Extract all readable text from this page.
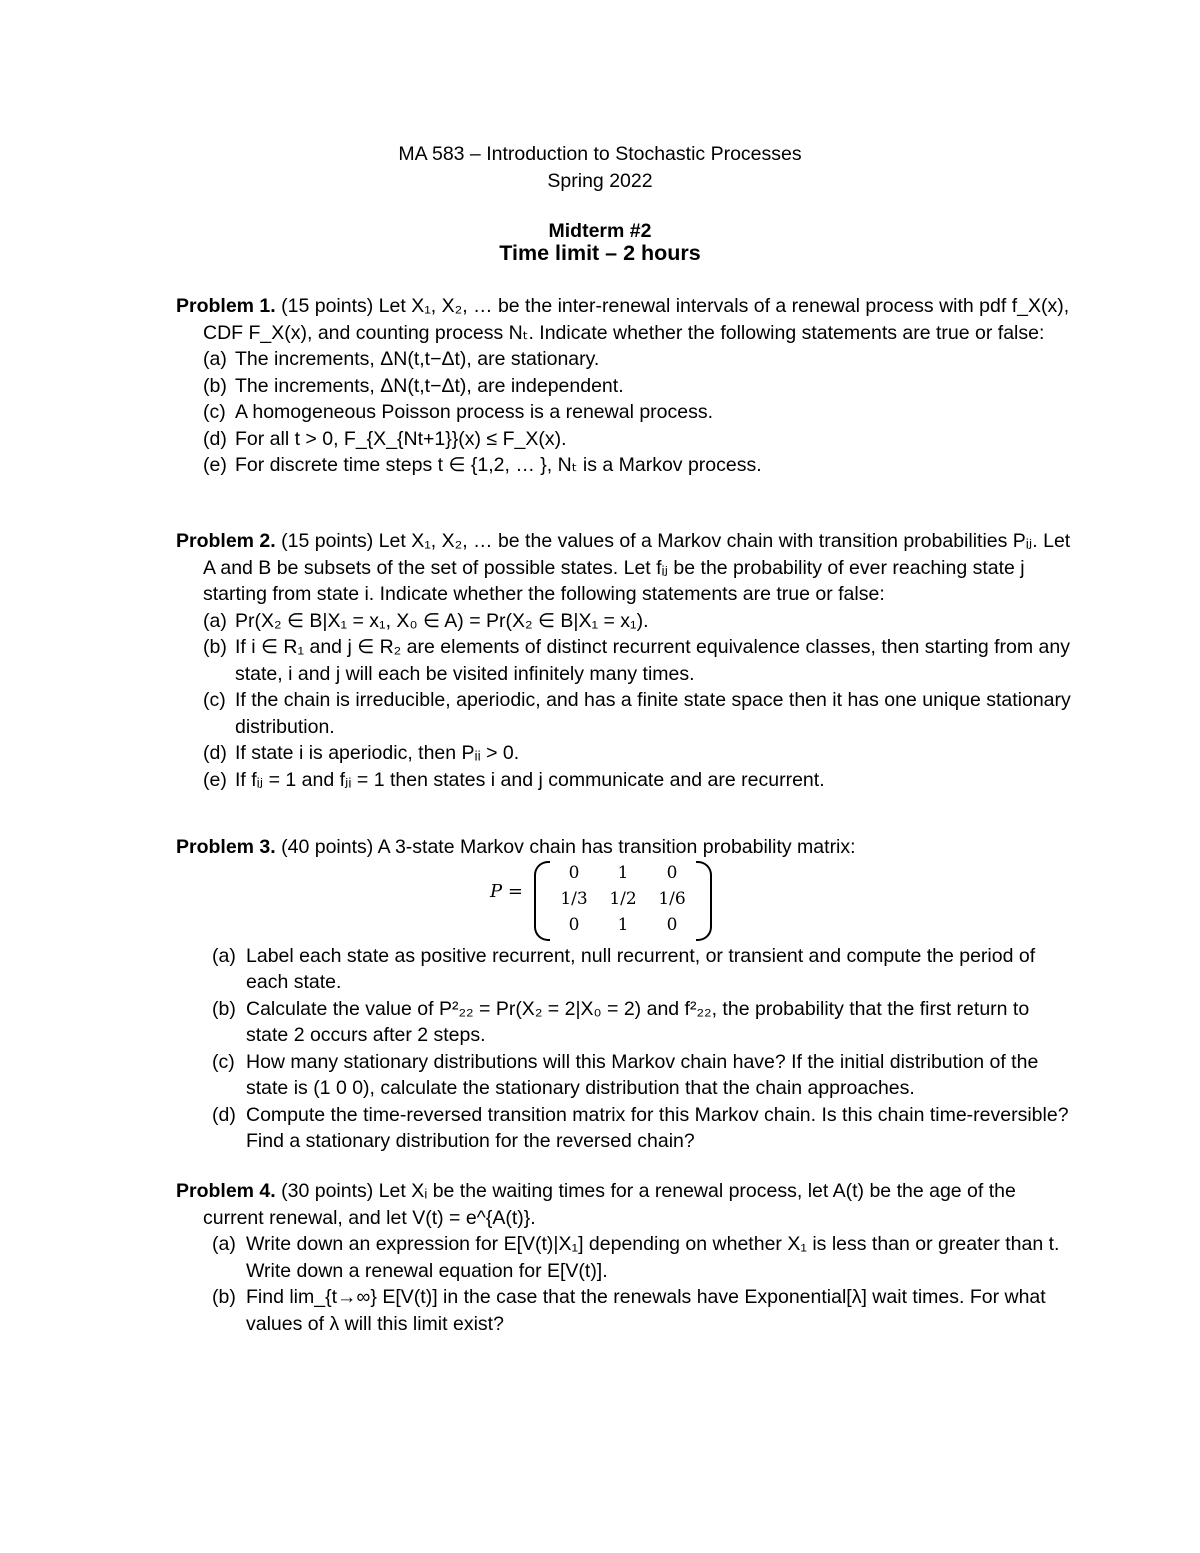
MA 583 – Introduction to Stochastic Processes
Spring 2022
Midterm #2
Time limit – 2 hours

Problem 1. (15 points) Let X₁, X₂, … be the inter-renewal intervals of a renewal process with pdf f_X(x), CDF F_X(x), and counting process Nₜ. Indicate whether the following statements are true or false:

(a) The increments, ΔN(t,t−Δt), are stationary.
(b) The increments, ΔN(t,t−Δt), are independent.
(c) A homogeneous Poisson process is a renewal process.
(d) For all t > 0, F_{X_{Nt+1}}(x) ≤ F_X(x).
(e) For discrete time steps t ∈ {1,2, … }, Nₜ is a Markov process.

Problem 2. (15 points) Let X₁, X₂, … be the values of a Markov chain with transition probabilities Pᵢⱼ. Let A and B be subsets of the set of possible states. Let fᵢⱼ be the probability of ever reaching state j starting from state i. Indicate whether the following statements are true or false:

(a) Pr(X₂ ∈ B|X₁ = x₁, X₀ ∈ A) = Pr(X₂ ∈ B|X₁ = x₁).
(b) If i ∈ R₁ and j ∈ R₂ are elements of distinct recurrent equivalence classes, then starting from any state, i and j will each be visited infinitely many times.
(c) If the chain is irreducible, aperiodic, and has a finite state space then it has one unique stationary distribution.
(d) If state i is aperiodic, then Pᵢᵢ > 0.
(e) If fᵢⱼ = 1 and fⱼᵢ = 1 then states i and j communicate and are recurrent.

Problem 3. (40 points) A 3-state Markov chain has transition probability matrix:

P =
0	1	0
1/3	1/2	1/6
0	1	0
(a) Label each state as positive recurrent, null recurrent, or transient and compute the period of each state.
(b) Calculate the value of P²₂₂ = Pr(X₂ = 2|X₀ = 2) and f²₂₂, the probability that the first return to state 2 occurs after 2 steps.
(c) How many stationary distributions will this Markov chain have? If the initial distribution of the state is (1 0 0), calculate the stationary distribution that the chain approaches.
(d) Compute the time-reversed transition matrix for this Markov chain. Is this chain time-reversible? Find a stationary distribution for the reversed chain?

Problem 4. (30 points) Let Xᵢ be the waiting times for a renewal process, let A(t) be the age of the current renewal, and let V(t) = e^{A(t)}.

(a) Write down an expression for E[V(t)|X₁] depending on whether X₁ is less than or greater than t. Write down a renewal equation for E[V(t)].
(b) Find lim_{t→∞} E[V(t)] in the case that the renewals have Exponential[λ] wait times. For what values of λ will this limit exist?
